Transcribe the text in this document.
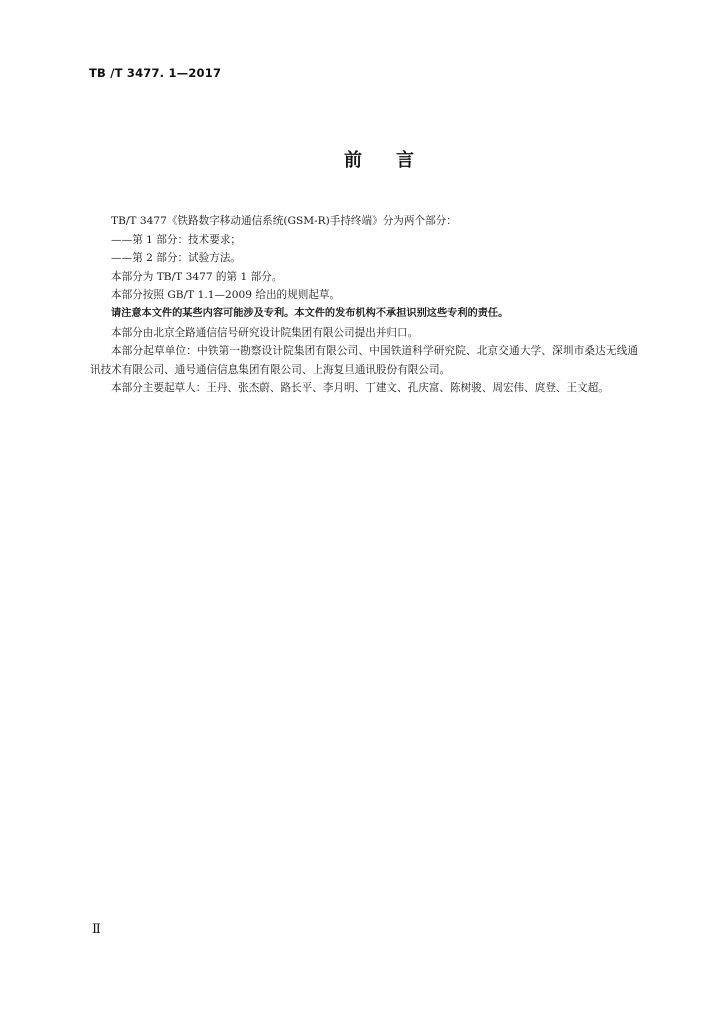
TB /T 3477. 1—2017
前言

TB/T 3477《铁路数字移动通信系统(GSM-R)手持终端》分为两个部分：

——第 1 部分：技术要求；

——第 2 部分：试验方法。

本部分为 TB/T 3477 的第 1 部分。

本部分按照 GB/T 1.1—2009 给出的规则起草。

请注意本文件的某些内容可能涉及专利。本文件的发布机构不承担识别这些专利的责任。

本部分由北京全路通信信号研究设计院集团有限公司提出并归口。

本部分起草单位：中铁第一勘察设计院集团有限公司、中国铁道科学研究院、北京交通大学、深圳市桑达无线通讯技术有限公司、通号通信信息集团有限公司、上海复旦通讯股份有限公司。

本部分主要起草人：王丹、张杰蔚、路长平、李月明、丁建文、孔庆富、陈树骏、周宏伟、庹登、王文超。

Ⅱ
